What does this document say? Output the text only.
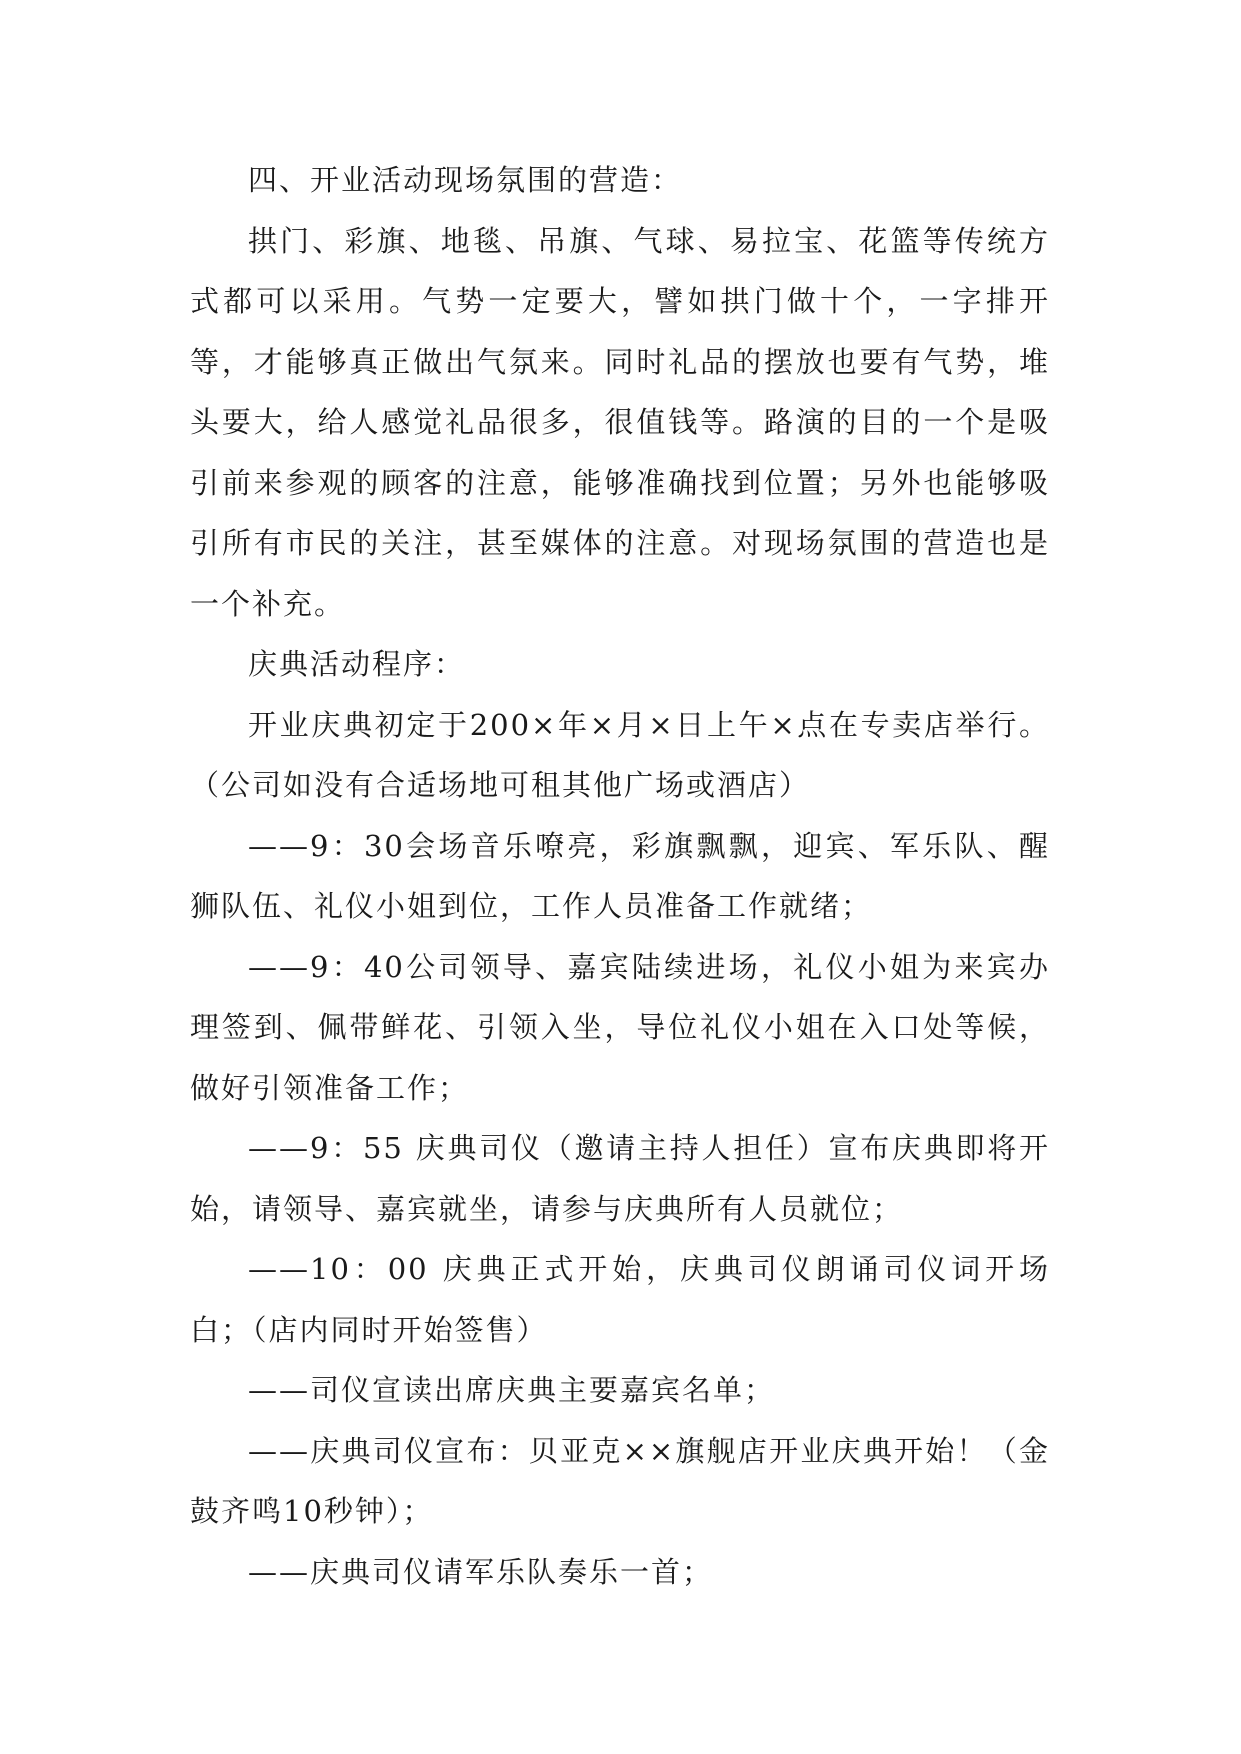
四、开业活动现场氛围的营造：

拱门、彩旗、地毯、吊旗、气球、易拉宝、花篮等传统方式都可以采用。气势一定要大，譬如拱门做十个，一字排开等，才能够真正做出气氛来。同时礼品的摆放也要有气势，堆头要大，给人感觉礼品很多，很值钱等。路演的目的一个是吸引前来参观的顾客的注意，能够准确找到位置；另外也能够吸引所有市民的关注，甚至媒体的注意。对现场氛围的营造也是一个补充。

庆典活动程序：

开业庆典初定于200×年×月×日上午×点在专卖店举行。（公司如没有合适场地可租其他广场或酒店）

——9：30会场音乐嘹亮，彩旗飘飘，迎宾、军乐队、醒狮队伍、礼仪小姐到位，工作人员准备工作就绪；

——9：40公司领导、嘉宾陆续进场，礼仪小姐为来宾办理签到、佩带鲜花、引领入坐，导位礼仪小姐在入口处等候，做好引领准备工作；

——9：55 庆典司仪（邀请主持人担任）宣布庆典即将开始，请领导、嘉宾就坐，请参与庆典所有人员就位；

——10：00 庆典正式开始，庆典司仪朗诵司仪词开场白；（店内同时开始签售）

——司仪宣读出席庆典主要嘉宾名单；

——庆典司仪宣布：贝亚克××旗舰店开业庆典开始！（金鼓齐鸣10秒钟）；

——庆典司仪请军乐队奏乐一首；
